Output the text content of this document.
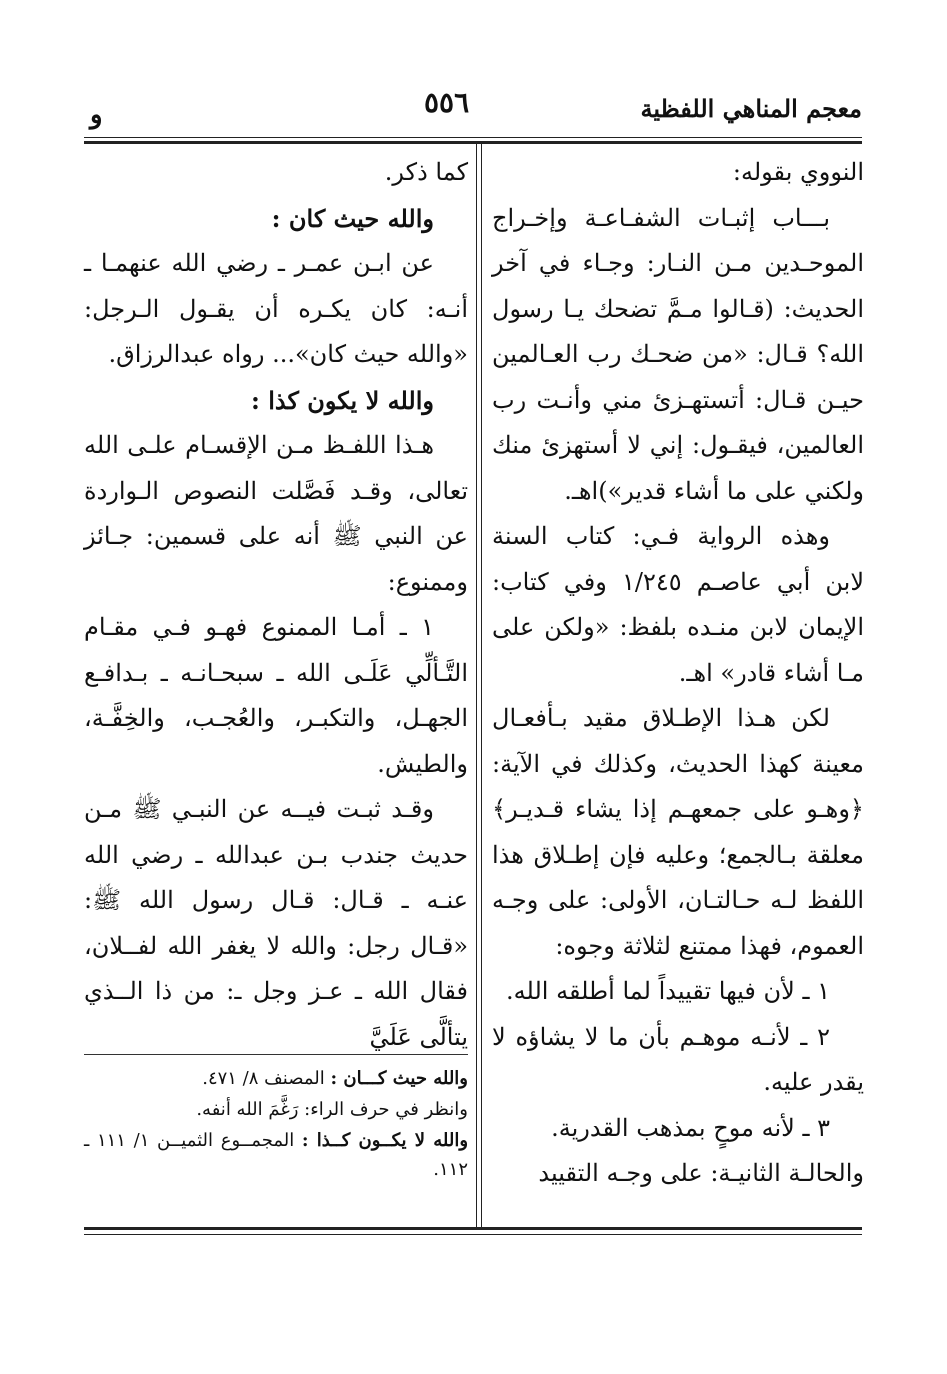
معجم المناهي اللفظية
٥٥٦
و

النووي بقوله:

بـــاب إثبـات الشفـاعـة وإخـراج الموحـدين مـن النـار: وجـاء في آخر الحديث: (قـالوا مـمَّ تضحك يـا رسول الله؟ قـال: «من ضحـك رب العـالمين حيـن قـال: أتستهـزئ مني وأنـت رب العالمين، فيقـول: إني لا أستهزئ منك ولكني على ما أشاء قدير»)اهـ.

وهذه الرواية فـي: كتاب السنة لابن أبي عاصـم ١/٢٤٥ وفي كتاب: الإيمان لابن منـده بلفظ: «ولكن على مـا أشاء قادر» اهـ.

لكن هـذا الإطـلاق مقيد بـأفعـال معينة كهذا الحديث، وكذلك في الآية: ﴿وهـو على جمعهـم إذا يشاء قـديـر﴾ معلقة بـالجمع؛ وعليه فإن إطـلاق هذا اللفظ لـه حـالتـان، الأولى: على وجـه العموم، فهذا ممتنع لثلاثة وجوه:

١ ـ لأن فيها تقييداً لما أطلقه الله.

٢ ـ لأنـه موهـم بأن ما لا يشاؤه لا يقدر عليه.

٣ ـ لأنه موحٍ بمذهب القدرية.

والحالـة الثانيـة: على وجـه التقييد

كما ذكر.

والله حيث كان :

عن ابـن عمـر ـ رضي الله عنهمـا ـ أنـه: كان يكـره أن يقـول الـرجل: «والله حيث كان»... رواه عبدالرزاق.

والله لا يكون كذا :

هـذا اللفـظ مـن الإقسـام علـى الله تعالى، وقـد فَصَّلت النصوص الـواردة عن النبي ﷺ أنه على قسمين: جـائز وممنوع:

١ ـ أمـا الممنوع فهـو فـي مقـام التَّـألِّي عَلَـى الله ـ سبحـانـه ـ بـدافـع الجهـل، والتكبـر، والعُجـب، والخِفَّـة، والطيش.

وقـد ثبـت فيــه عن النبـي ﷺ مـن حديث جندب بـن عبدالله ـ رضي الله عنـه ـ قـال: قـال رسول الله ﷺ: «قـال رجل: والله لا يغفر الله لفــلان، فقال الله ـ عـز وجل ـ: من ذا الــذي يتألَّى عَلَيَّ

والله حيث كـــان : المصنف ٨/ ٤٧١.

وانظر في حرف الراء: رَغَّمَ الله أنفه.

والله لا يكــون كــذا : المجمــوع الثميــن ١/ ١١١ ـ ١١٢.
